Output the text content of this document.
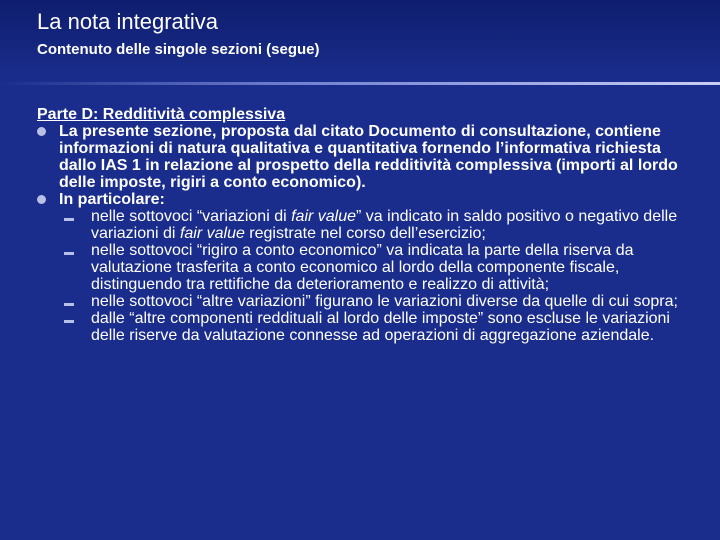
La nota integrativa
Contenuto delle singole sezioni (segue)

Parte D: Redditività complessiva

La presente sezione, proposta dal citato Documento di consultazione, contiene informazioni di natura qualitativa e quantitativa fornendo l’informativa richiesta dallo IAS 1 in relazione al prospetto della redditività complessiva (importi al lordo delle imposte, rigiri a conto economico).
In particolare:
nelle sottovoci “variazioni di fair value” va indicato in saldo positivo o negativo delle variazioni di fair value registrate nel corso dell’esercizio;
nelle sottovoci “rigiro a conto economico” va indicata la parte della riserva da valutazione trasferita a conto economico al lordo della componente fiscale, distinguendo tra rettifiche da deterioramento e realizzo di attività;
nelle sottovoci “altre variazioni” figurano le variazioni diverse da quelle di cui sopra;
dalle “altre componenti reddituali al lordo delle imposte” sono escluse le variazioni delle riserve da valutazione connesse ad operazioni di aggregazione aziendale.
